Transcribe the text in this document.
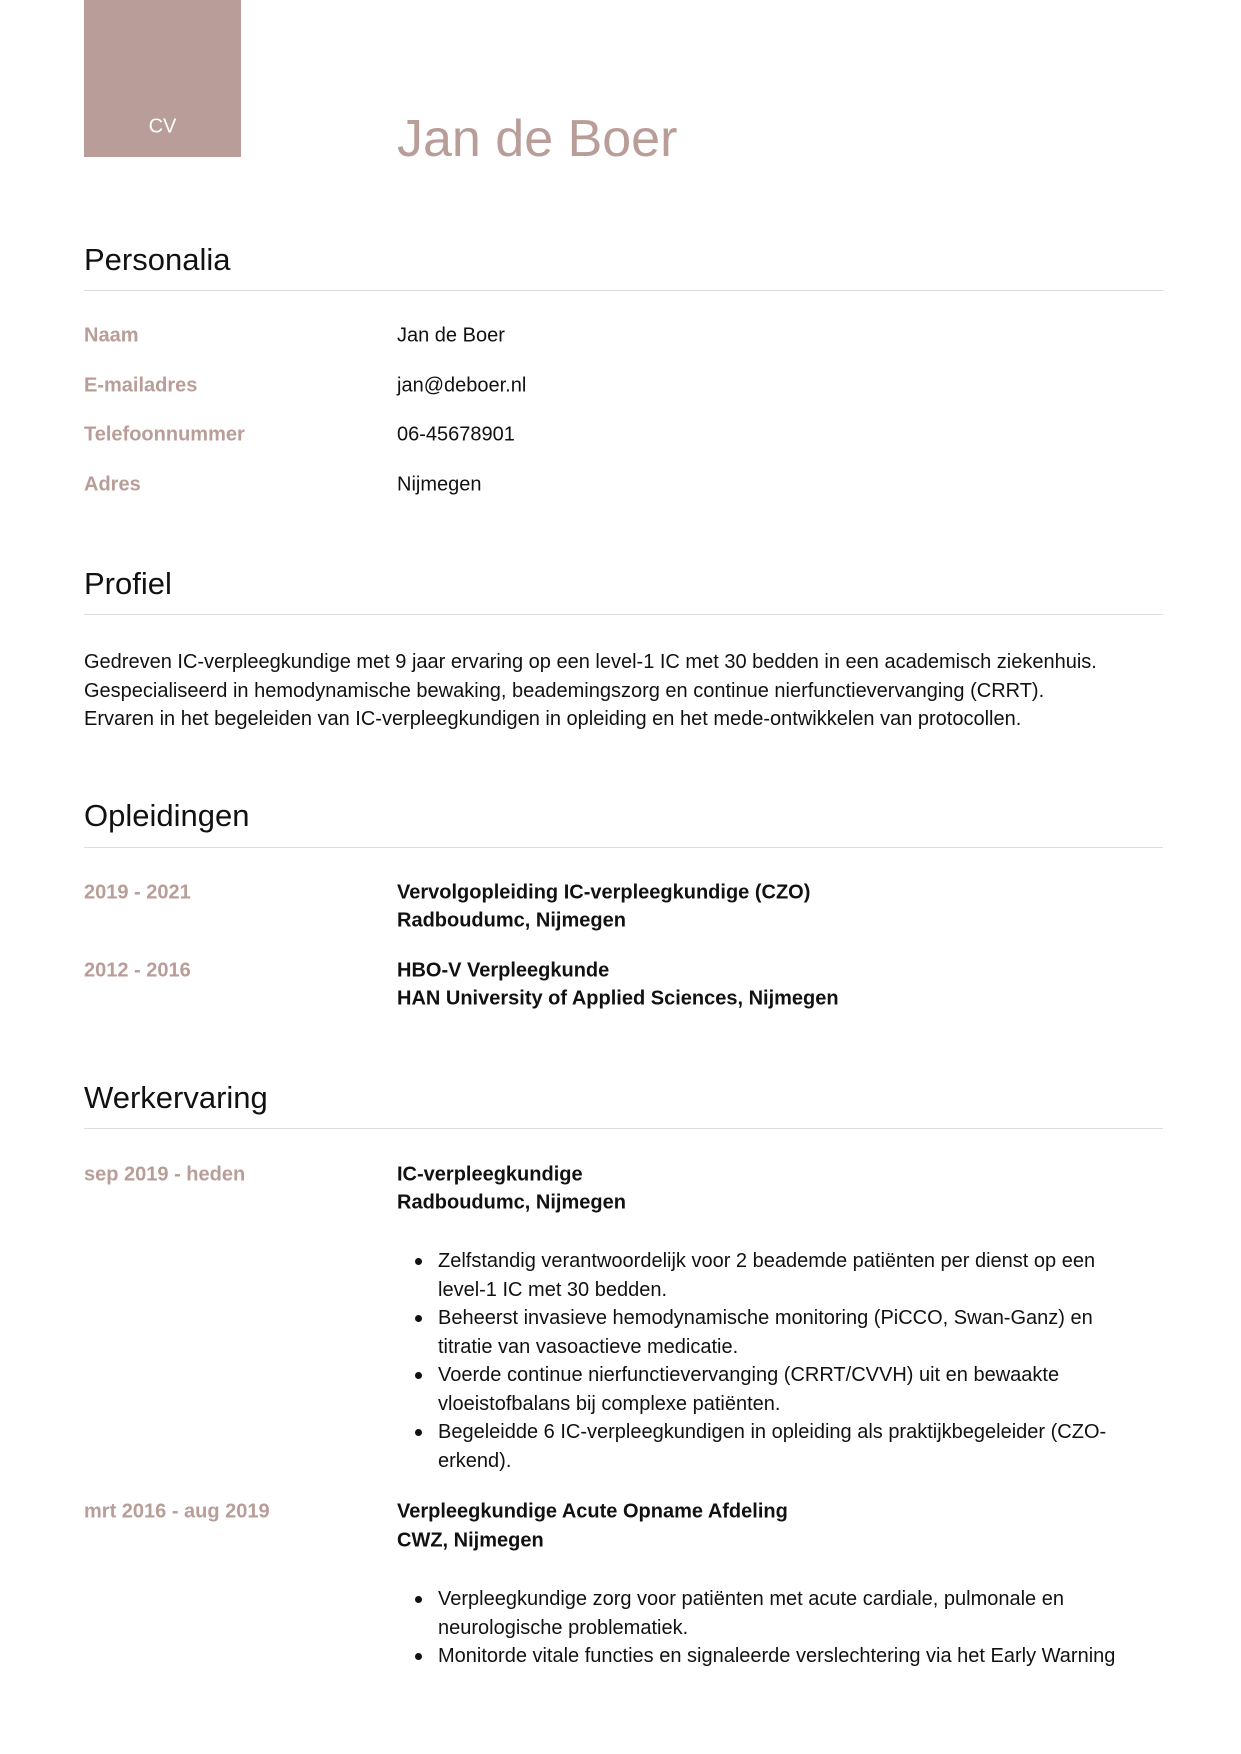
CV	Jan de Boer
Personalia
Naam	Jan de Boer
E-mailadres	jan@deboer.nl
Telefoonnummer	06-45678901
Adres	Nijmegen
Profiel

Gedreven IC-verpleegkundige met 9 jaar ervaring op een level-1 IC met 30 bedden in een academisch ziekenhuis.
Gespecialiseerd in hemodynamische bewaking, beademingszorg en continue nierfunctievervanging (CRRT).
Ervaren in het begeleiden van IC-verpleegkundigen in opleiding en het mede-ontwikkelen van protocollen.

Opleidingen
2019 - 2021	Vervolgopleiding IC-verpleegkundige (CZO)
Radboudumc, Nijmegen
2012 - 2016	HBO-V Verpleegkunde
HAN University of Applied Sciences, Nijmegen
Werkervaring
sep 2019 - heden	IC-verpleegkundige
Radboudumc, Nijmegen
Zelfstandig verantwoordelijk voor 2 beademde patiënten per dienst op een
level-1 IC met 30 bedden.
Beheerst invasieve hemodynamische monitoring (PiCCO, Swan-Ganz) en
titratie van vasoactieve medicatie.
Voerde continue nierfunctievervanging (CRRT/CVVH) uit en bewaakte
vloeistofbalans bij complexe patiënten.
Begeleidde 6 IC-verpleegkundigen in opleiding als praktijkbegeleider (CZO-
erkend).
mrt 2016 - aug 2019	Verpleegkundige Acute Opname Afdeling
CWZ, Nijmegen
Verpleegkundige zorg voor patiënten met acute cardiale, pulmonale en
neurologische problematiek.
Monitorde vitale functies en signaleerde verslechtering via het Early Warning
